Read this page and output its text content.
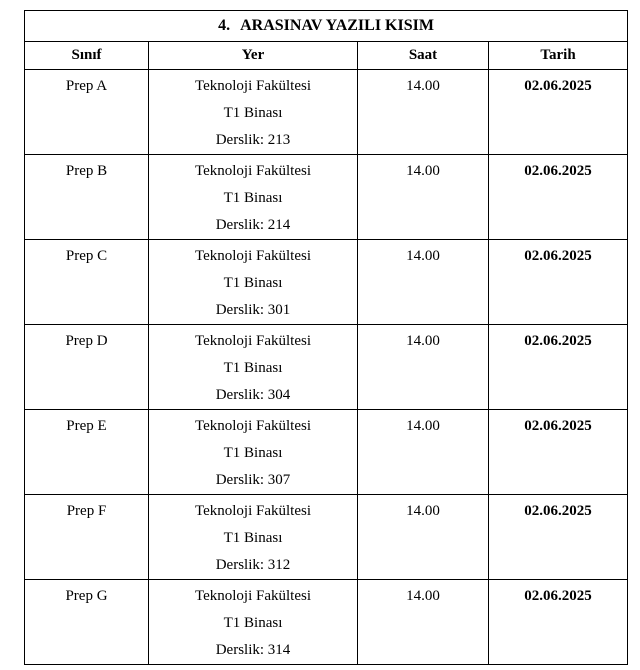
4. ARASINAV YAZILI KISIM			
Sınıf	Yer	Saat	Tarih

Prep A	Teknoloji Fakültesi
T1 Binası
Derslik: 213	14.00	02.06.2025

Prep B	Teknoloji Fakültesi
T1 Binası
Derslik: 214	14.00	02.06.2025

Prep C	Teknoloji Fakültesi
T1 Binası
Derslik: 301	14.00	02.06.2025

Prep D	Teknoloji Fakültesi
T1 Binası
Derslik: 304	14.00	02.06.2025

Prep E	Teknoloji Fakültesi
T1 Binası
Derslik: 307	14.00	02.06.2025

Prep F	Teknoloji Fakültesi
T1 Binası
Derslik: 312	14.00	02.06.2025

Prep G	Teknoloji Fakültesi
T1 Binası
Derslik: 314	14.00	02.06.2025
